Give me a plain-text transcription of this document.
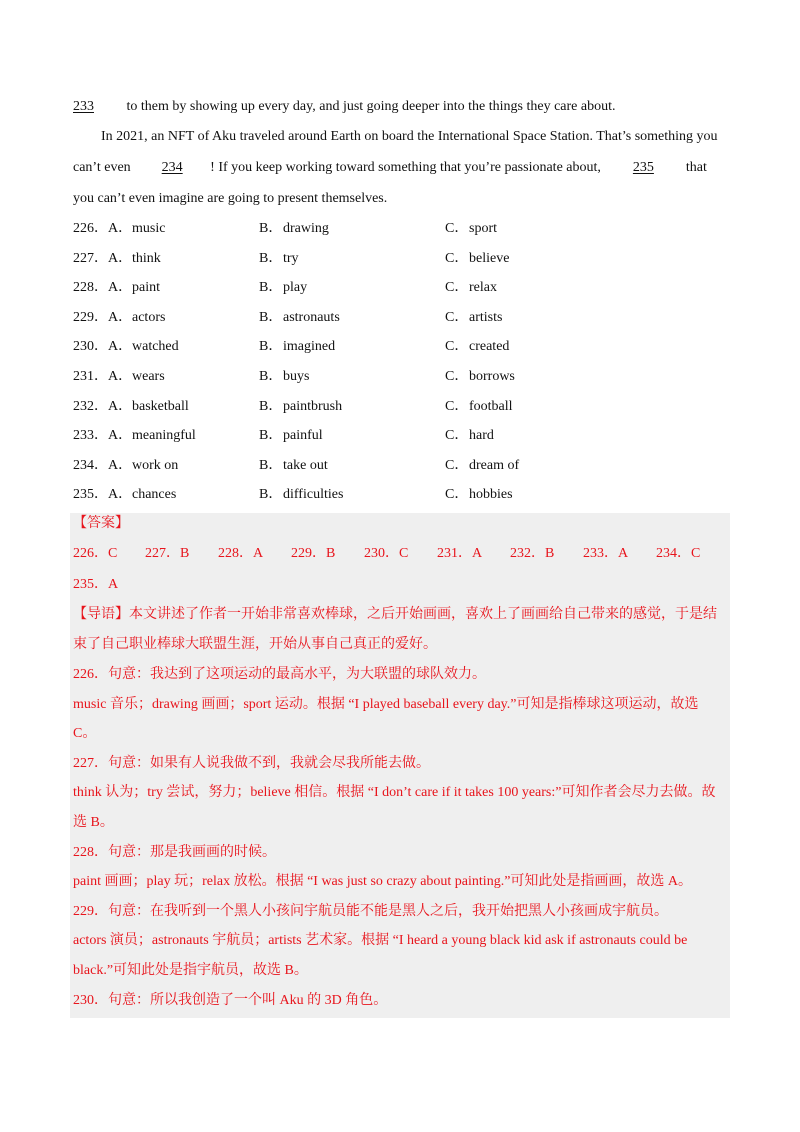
233 to them by showing up every day, and just going deeper into the things they care about.
In 2021, an NFT of Aku traveled around Earth on board the International Space Station. That’s something you
can’t even 234 ! If you keep working toward something that you’re passionate about, 235 that
you can’t even imagine are going to present themselves.
226． A． music	B． drawing	C． sport
227． A． think	B． try	C． believe
228． A． paint	B． play	C． relax
229． A． actors	B． astronauts	C． artists
230． A． watched	B． imagined	C． created
231． A． wears	B． buys	C． borrows
232． A． basketball	B． paintbrush	C． football
233． A． meaningful	B． painful	C． hard
234． A． work on	B． take out	C． dream of
235． A． chances	B． difficulties	C． hobbies
【答案】
226．C 227．B 228．A 229．B 230．C 231．A 232．B 233．A 234．C
235．A
【导语】本文讲述了作者一开始非常喜欢棒球，之后开始画画，喜欢上了画画给自己带来的感觉，于是结
束了自己职业棒球大联盟生涯，开始从事自己真正的爱好。
226．句意：我达到了这项运动的最高水平，为大联盟的球队效力。
music 音乐；drawing 画画；sport 运动。根据 “I played baseball every day.”可知是指棒球这项运动，故选
C。
227．句意：如果有人说我做不到，我就会尽我所能去做。
think 认为；try 尝试，努力；believe 相信。根据 “I don’t care if it takes 100 years:”可知作者会尽力去做。故
选 B。
228．句意：那是我画画的时候。
paint 画画；play 玩；relax 放松。根据 “I was just so crazy about painting.”可知此处是指画画，故选 A。
229．句意：在我听到一个黑人小孩问宇航员能不能是黑人之后，我开始把黑人小孩画成宇航员。
actors 演员；astronauts 宇航员；artists 艺术家。根据 “I heard a young black kid ask if astronauts could be
black.”可知此处是指宇航员，故选 B。
230．句意：所以我创造了一个叫 Aku 的 3D 角色。
